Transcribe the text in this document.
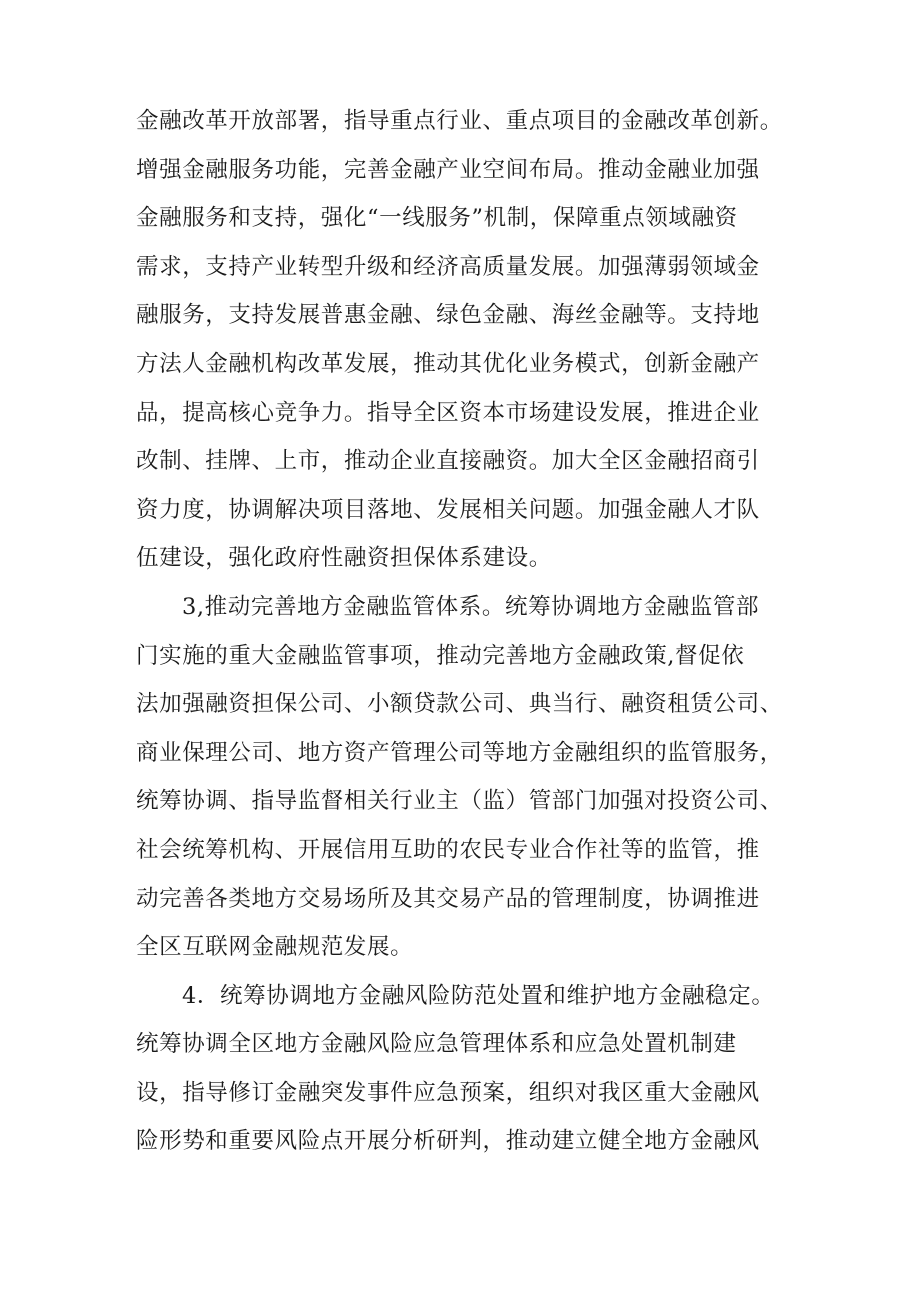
金融改革开放部署，指导重点行业、重点项目的金融改革创新。
增强金融服务功能，完善金融产业空间布局。推动金融业加强
金融服务和支持，强化“一线服务”机制，保障重点领域融资
需求，支持产业转型升级和经济高质量发展。加强薄弱领域金
融服务，支持发展普惠金融、绿色金融、海丝金融等。支持地
方法人金融机构改革发展，推动其优化业务模式，创新金融产
品，提高核心竞争力。指导全区资本市场建设发展，推进企业
改制、挂牌、上市，推动企业直接融资。加大全区金融招商引
资力度，协调解决项目落地、发展相关问题。加强金融人才队
伍建设，强化政府性融资担保体系建设。
3,推动完善地方金融监管体系。统筹协调地方金融监管部
门实施的重大金融监管事项，推动完善地方金融政策,督促依
法加强融资担保公司、小额贷款公司、典当行、融资租赁公司、
商业保理公司、地方资产管理公司等地方金融组织的监管服务，
统筹协调、指导监督相关行业主（监）管部门加强对投资公司、
社会统筹机构、开展信用互助的农民专业合作社等的监管，推
动完善各类地方交易场所及其交易产品的管理制度，协调推进
全区互联网金融规范发展。
4．统筹协调地方金融风险防范处置和维护地方金融稳定。
统筹协调全区地方金融风险应急管理体系和应急处置机制建
设，指导修订金融突发事件应急预案，组织对我区重大金融风
险形势和重要风险点开展分析研判，推动建立健全地方金融风
